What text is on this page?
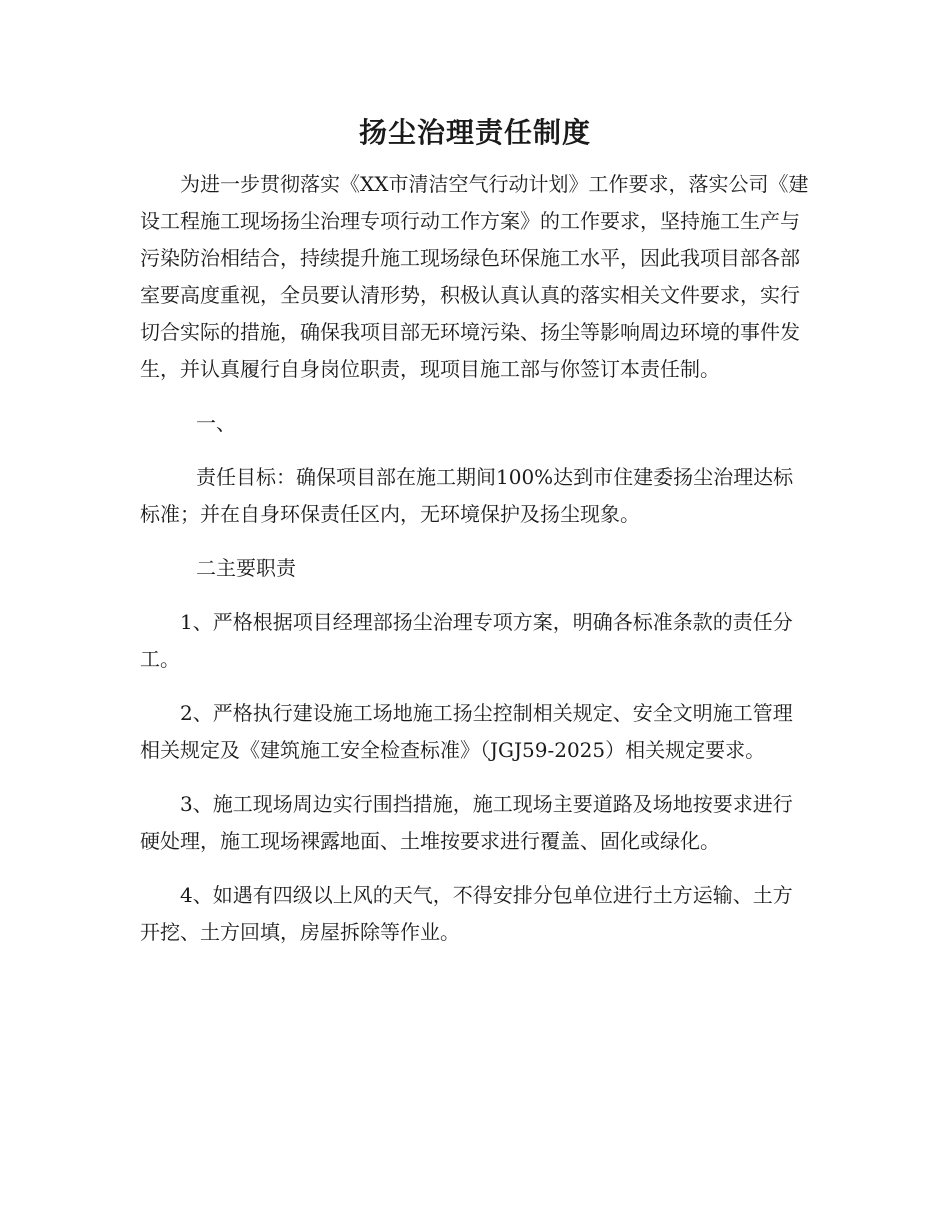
扬尘治理责任制度

为进一步贯彻落实《XX市清洁空气行动计划》工作要求，落实公司《建设工程施工现场扬尘治理专项行动工作方案》的工作要求，坚持施工生产与污染防治相结合，持续提升施工现场绿色环保施工水平，因此我项目部各部室要高度重视，全员要认清形势，积极认真认真的落实相关文件要求，实行切合实际的措施，确保我项目部无环境污染、扬尘等影响周边环境的事件发生，并认真履行自身岗位职责，现项目施工部与你签订本责任制。

一、

责任目标：确保项目部在施工期间100%达到市住建委扬尘治理达标标准；并在自身环保责任区内，无环境保护及扬尘现象。

二主要职责

1、严格根据项目经理部扬尘治理专项方案，明确各标准条款的责任分工。

2、严格执行建设施工场地施工扬尘控制相关规定、安全文明施工管理相关规定及《建筑施工安全检查标准》（JGJ59-2025）相关规定要求。

3、施工现场周边实行围挡措施，施工现场主要道路及场地按要求进行硬处理，施工现场裸露地面、土堆按要求进行覆盖、固化或绿化。

4、如遇有四级以上风的天气，不得安排分包单位进行土方运输、土方开挖、土方回填，房屋拆除等作业。
